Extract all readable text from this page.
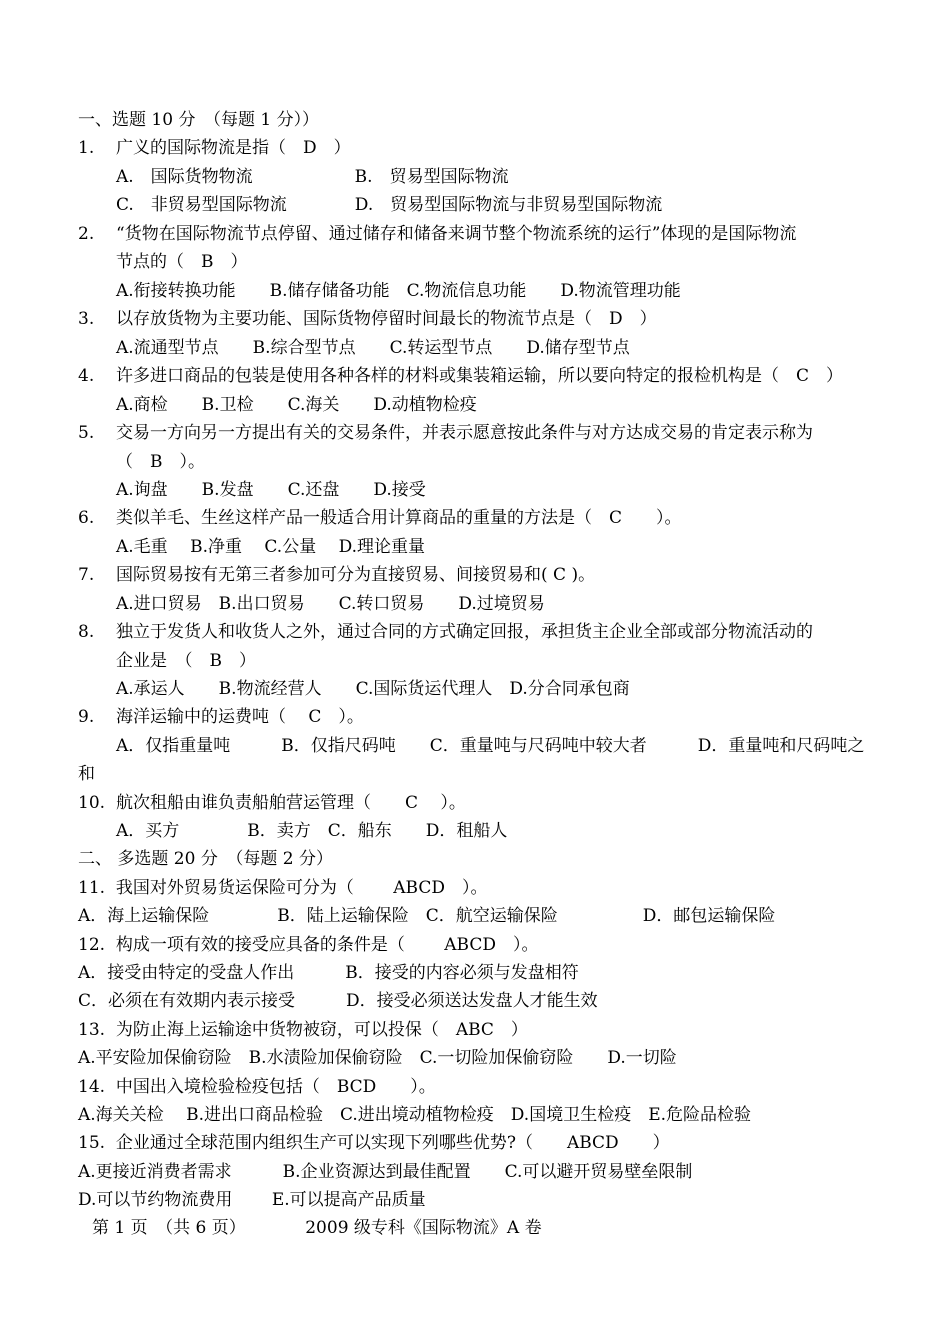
一、选题 10 分　（每题 1 分））
1. 广义的国际物流是指（　D　）
A.　国际货物物流　　　　　　B.　贸易型国际物流
C.　非贸易型国际物流　　　　D.　贸易型国际物流与非贸易型国际物流
2. “货物在国际物流节点停留、通过储存和储备来调节整个物流系统的运行”体现的是国际物流
节点的（　B　）
A.衔接转换功能　　B.储存储备功能　C.物流信息功能　　D.物流管理功能
3. 以存放货物为主要功能、国际货物停留时间最长的物流节点是（　D　）
A.流通型节点　　B.综合型节点　　C.转运型节点　　D.储存型节点
4. 许多进口商品的包装是使用各种各样的材料或集装箱运输，所以要向特定的报检机构是（　C　）
A.商检　　B.卫检　　C.海关　　D.动植物检疫
5. 交易一方向另一方提出有关的交易条件，并表示愿意按此条件与对方达成交易的肯定表示称为
（　B　）。
A.询盘　　B.发盘　　C.还盘　　D.接受
6. 类似羊毛、生丝这样产品一般适合用计算商品的重量的方法是（　C　　）。
A.毛重　 B.净重　 C.公量　 D.理论重量
7. 国际贸易按有无第三者参加可分为直接贸易、间接贸易和( C )。
A.进口贸易　B.出口贸易　　C.转口贸易　　D.过境贸易
8. 独立于发货人和收货人之外，通过合同的方式确定回报，承担货主企业全部或部分物流活动的
企业是　（　B　）
A.承运人　　B.物流经营人　　C.国际货运代理人　D.分合同承包商
9. 海洋运输中的运费吨（　 C　）。
A．仅指重量吨　　　B．仅指尺码吨　　C．重量吨与尺码吨中较大者　　　D．重量吨和尺码吨之
和
10. 航次租船由谁负责船舶营运管理（　　C　 ）。
A．买方　　　　B．卖方　C．船东　　D．租船人
二、 多选题 20 分　（每题 2 分）
11.  我国对外贸易货运保险可分为（　　 ABCD　）。
A．海上运输保险　　　　B．陆上运输保险　C．航空运输保险　　　　　D．邮包运输保险
12.  构成一项有效的接受应具备的条件是（　　 ABCD　）。
A．接受由特定的受盘人作出　　　B．接受的内容必须与发盘相符
C．必须在有效期内表示接受　　　D．接受必须送达发盘人才能生效
13.  为防止海上运输途中货物被窃，可以投保（　ABC　）
A.平安险加保偷窃险　B.水渍险加保偷窃险　C.一切险加保偷窃险　　D.一切险
14.  中国出入境检验检疫包括（　BCD　　）。
A.海关关检　 B.进出口商品检验　C.进出境动植物检疫　D.国境卫生检疫　E.危险品检验
15.  企业通过全球范围内组织生产可以实现下列哪些优势?（　　ABCD　　）
A.更接近消费者需求　　　B.企业资源达到最佳配置　　C.可以避开贸易壁垒限制
D.可以节约物流费用　　 E.可以提高产品质量
第 1 页　（共 6 页）　　　　2009 级专科《国际物流》A 卷
